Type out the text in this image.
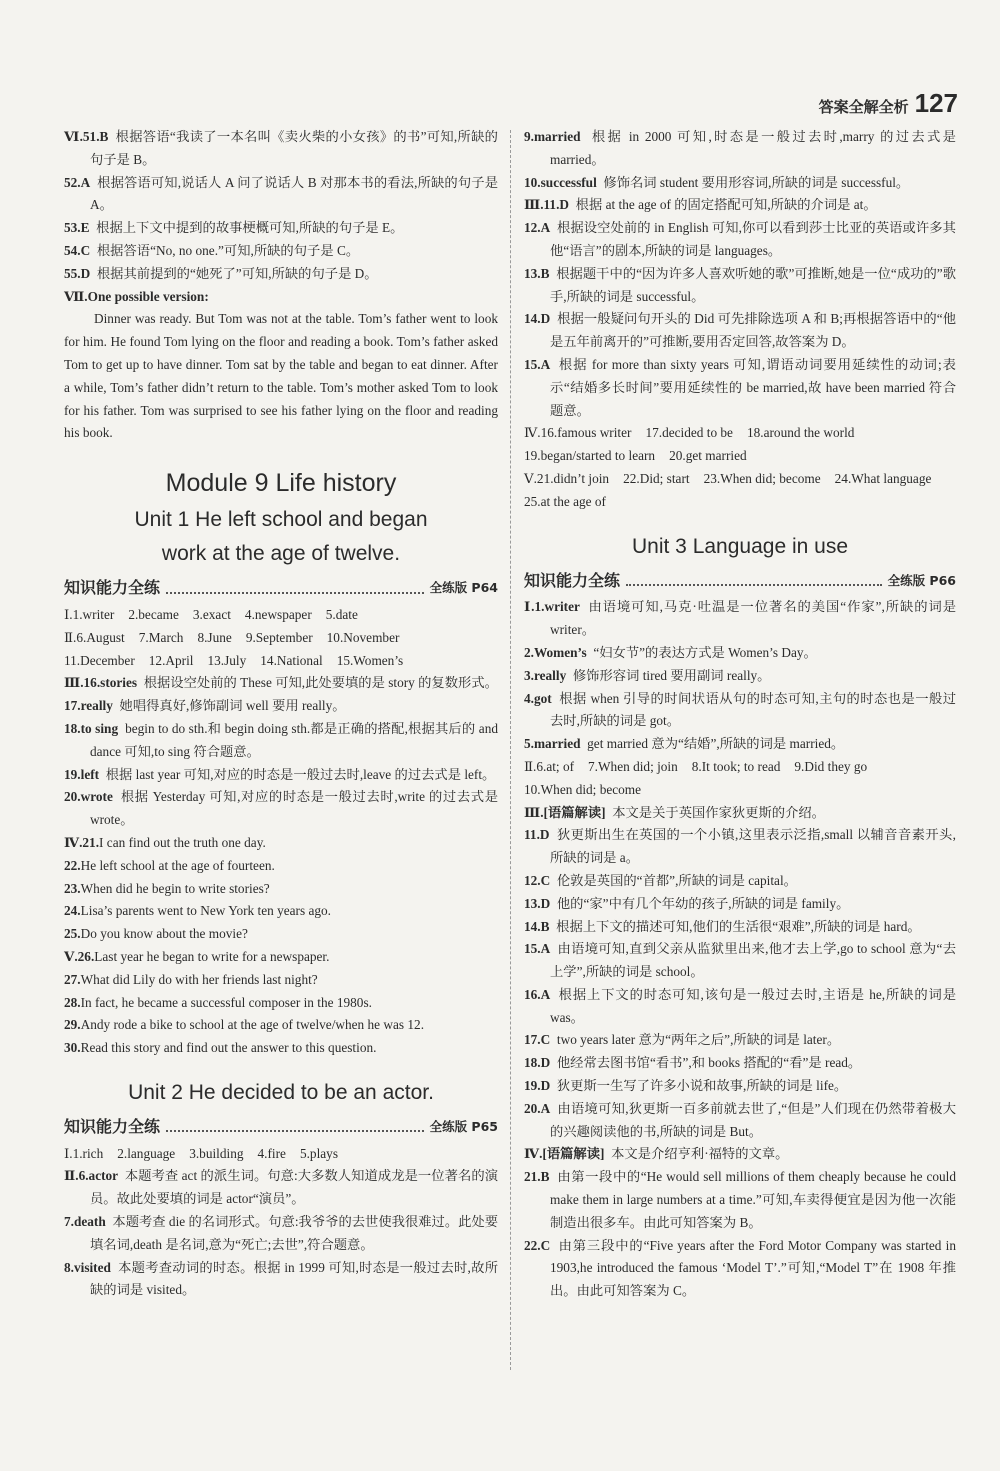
答案全解全析 127

Ⅵ.51.B 根据答语“我读了一本名叫《卖火柴的小女孩》的书”可知,所缺的句子是 B。

52.A 根据答语可知,说话人 A 问了说话人 B 对那本书的看法,所缺的句子是 A。

53.E 根据上下文中提到的故事梗概可知,所缺的句子是 E。

54.C 根据答语“No, no one.”可知,所缺的句子是 C。

55.D 根据其前提到的“她死了”可知,所缺的句子是 D。

Ⅶ.One possible version:

Dinner was ready. But Tom was not at the table. Tom’s father went to look for him. He found Tom lying on the floor and reading a book. Tom’s father asked Tom to get up to have dinner. Tom sat by the table and began to eat dinner. After a while, Tom’s father didn’t return to the table. Tom’s mother asked Tom to look for his father. Tom was surprised to see his father lying on the floor and reading his book.

Module 9 Life history

Unit 1 He left school and began

work at the age of twelve.

知识能力全练	全练版 P64
Ⅰ.1.writer 2.became 3.exact 4.newspaper 5.date
Ⅱ.6.August 7.March 8.June 9.September 10.November
11.December 12.April 13.July 14.National 15.Women’s

Ⅲ.16.stories 根据设空处前的 These 可知,此处要填的是 story 的复数形式。

17.really 她唱得真好,修饰副词 well 要用 really。

18.to sing begin to do sth.和 begin doing sth.都是正确的搭配,根据其后的 and dance 可知,to sing 符合题意。

19.left 根据 last year 可知,对应的时态是一般过去时,leave 的过去式是 left。

20.wrote 根据 Yesterday 可知,对应的时态是一般过去时,write 的过去式是 wrote。

Ⅳ.21.I can find out the truth one day.

22.He left school at the age of fourteen.

23.When did he begin to write stories?

24.Lisa’s parents went to New York ten years ago.

25.Do you know about the movie?

Ⅴ.26.Last year he began to write for a newspaper.

27.What did Lily do with her friends last night?

28.In fact, he became a successful composer in the 1980s.

29.Andy rode a bike to school at the age of twelve/when he was 12.

30.Read this story and find out the answer to this question.

Unit 2 He decided to be an actor.

知识能力全练	全练版 P65
Ⅰ.1.rich 2.language 3.building 4.fire 5.plays

Ⅱ.6.actor 本题考查 act 的派生词。句意:大多数人知道成龙是一位著名的演员。故此处要填的词是 actor“演员”。

7.death 本题考查 die 的名词形式。句意:我爷爷的去世使我很难过。此处要填名词,death 是名词,意为“死亡;去世”,符合题意。

8.visited 本题考查动词的时态。根据 in 1999 可知,时态是一般过去时,故所缺的词是 visited。

9.married 根据 in 2000 可知,时态是一般过去时,marry 的过去式是 married。

10.successful 修饰名词 student 要用形容词,所缺的词是 successful。

Ⅲ.11.D 根据 at the age of 的固定搭配可知,所缺的介词是 at。

12.A 根据设空处前的 in English 可知,你可以看到莎士比亚的英语或许多其他“语言”的剧本,所缺的词是 languages。

13.B 根据题干中的“因为许多人喜欢听她的歌”可推断,她是一位“成功的”歌手,所缺的词是 successful。

14.D 根据一般疑问句开头的 Did 可先排除选项 A 和 B;再根据答语中的“他是五年前离开的”可推断,要用否定回答,故答案为 D。

15.A 根据 for more than sixty years 可知,谓语动词要用延续性的动词;表示“结婚多长时间”要用延续性的 be married,故 have been married 符合题意。

Ⅳ.16.famous writer 17.decided to be 18.around the world
19.began/started to learn 20.get married
Ⅴ.21.didn’t join 22.Did; start 23.When did; become 24.What language
25.at the age of

Unit 3 Language in use

知识能力全练	全练版 P66

Ⅰ.1.writer 由语境可知,马克·吐温是一位著名的美国“作家”,所缺的词是 writer。

2.Women’s “妇女节”的表达方式是 Women’s Day。

3.really 修饰形容词 tired 要用副词 really。

4.got 根据 when 引导的时间状语从句的时态可知,主句的时态也是一般过去时,所缺的词是 got。

5.married get married 意为“结婚”,所缺的词是 married。

Ⅱ.6.at; of 7.When did; join 8.It took; to read 9.Did they go
10.When did; become

Ⅲ.[语篇解读] 本文是关于英国作家狄更斯的介绍。

11.D 狄更斯出生在英国的一个小镇,这里表示泛指,small 以辅音音素开头,所缺的词是 a。

12.C 伦敦是英国的“首都”,所缺的词是 capital。

13.D 他的“家”中有几个年幼的孩子,所缺的词是 family。

14.B 根据上下文的描述可知,他们的生活很“艰难”,所缺的词是 hard。

15.A 由语境可知,直到父亲从监狱里出来,他才去上学,go to school 意为“去上学”,所缺的词是 school。

16.A 根据上下文的时态可知,该句是一般过去时,主语是 he,所缺的词是 was。

17.C two years later 意为“两年之后”,所缺的词是 later。

18.D 他经常去图书馆“看书”,和 books 搭配的“看”是 read。

19.D 狄更斯一生写了许多小说和故事,所缺的词是 life。

20.A 由语境可知,狄更斯一百多前就去世了,“但是”人们现在仍然带着极大的兴趣阅读他的书,所缺的词是 But。

Ⅳ.[语篇解读] 本文是介绍亨利·福特的文章。

21.B 由第一段中的“He would sell millions of them cheaply because he could make them in large numbers at a time.”可知,车卖得便宜是因为他一次能制造出很多车。由此可知答案为 B。

22.C 由第三段中的“Five years after the Ford Motor Company was started in 1903,he introduced the famous ‘Model T’.”可知,“Model T”在 1908 年推出。由此可知答案为 C。
